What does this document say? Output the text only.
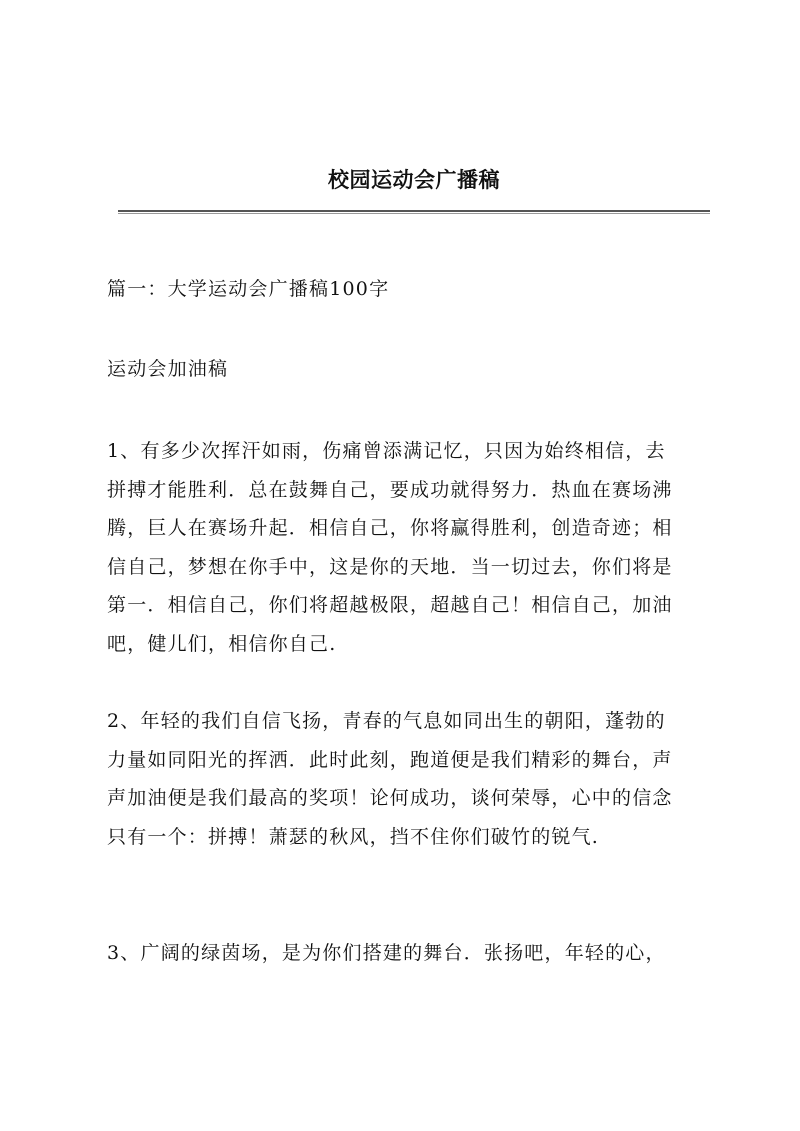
校园运动会广播稿

篇一：大学运动会广播稿100字

运动会加油稿

1、有多少次挥汗如雨，伤痛曾添满记忆，只因为始终相信，去
拼搏才能胜利．总在鼓舞自己，要成功就得努力．热血在赛场沸
腾，巨人在赛场升起．相信自己，你将赢得胜利，创造奇迹；相
信自己，梦想在你手中，这是你的天地．当一切过去，你们将是
第一．相信自己，你们将超越极限，超越自己！相信自己，加油
吧，健儿们，相信你自己.

2、年轻的我们自信飞扬，青春的气息如同出生的朝阳，蓬勃的
力量如同阳光的挥洒．此时此刻，跑道便是我们精彩的舞台，声
声加油便是我们最高的奖项！论何成功，谈何荣辱，心中的信念
只有一个：拼搏！萧瑟的秋风，挡不住你们破竹的锐气.

3、广阔的绿茵场，是为你们搭建的舞台．张扬吧，年轻的心，
